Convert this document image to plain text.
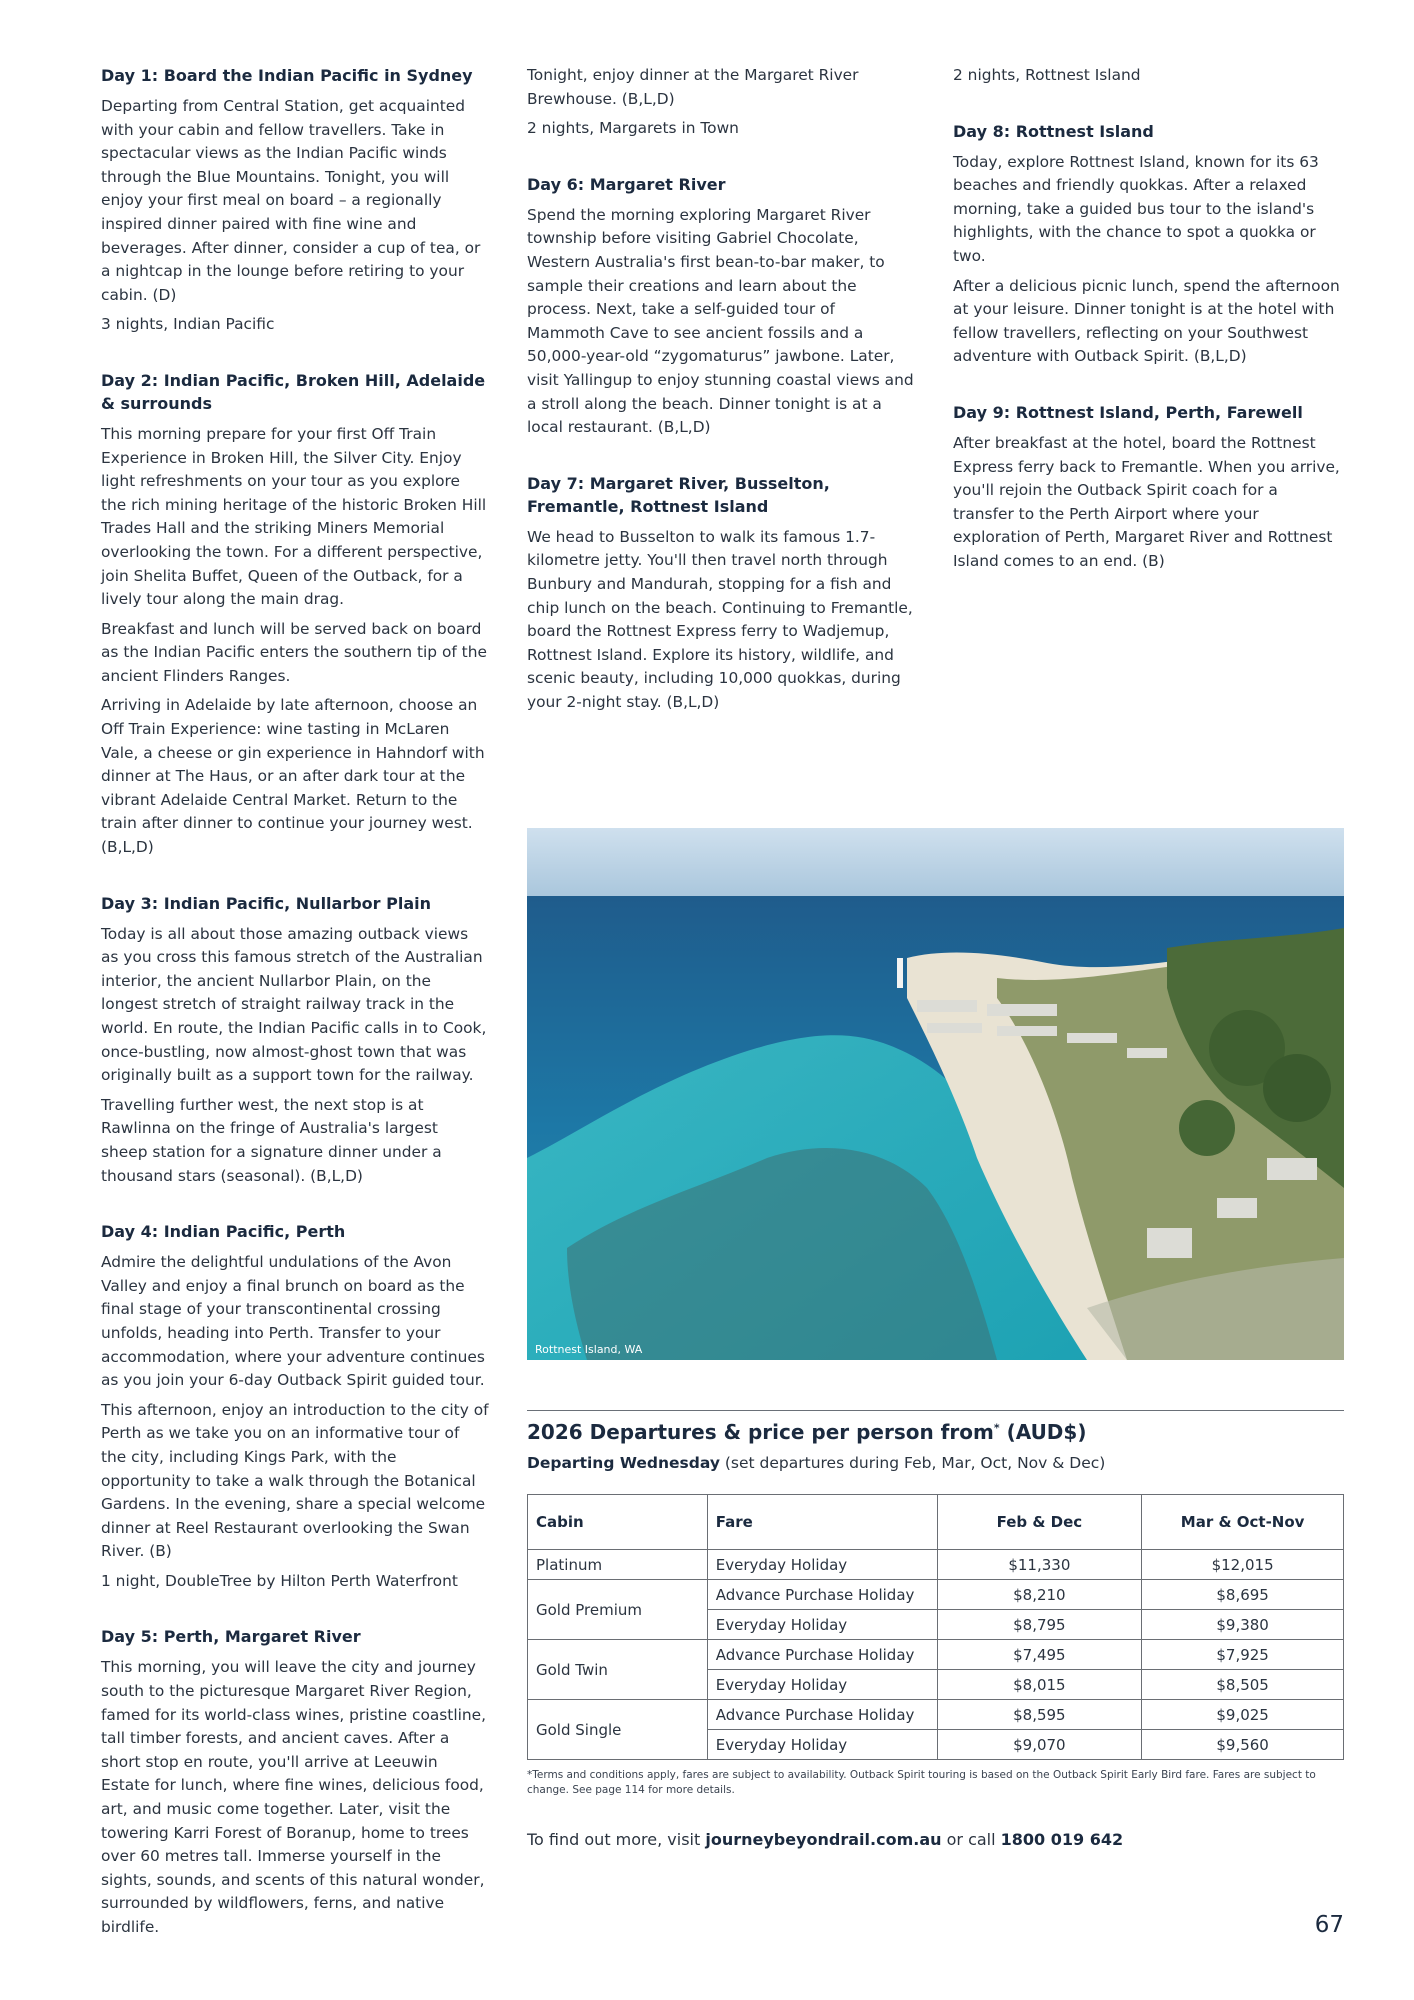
Day 1: Board the Indian Pacific in Sydney

Departing from Central Station, get acquainted with your cabin and fellow travellers. Take in spectacular views as the Indian Pacific winds through the Blue Mountains. Tonight, you will enjoy your first meal on board – a regionally inspired dinner paired with fine wine and beverages. After dinner, consider a cup of tea, or a nightcap in the lounge before retiring to your cabin. (D)

3 nights, Indian Pacific

Day 2: Indian Pacific, Broken Hill, Adelaide & surrounds

This morning prepare for your first Off Train Experience in Broken Hill, the Silver City. Enjoy light refreshments on your tour as you explore the rich mining heritage of the historic Broken Hill Trades Hall and the striking Miners Memorial overlooking the town. For a different perspective, join Shelita Buffet, Queen of the Outback, for a lively tour along the main drag.

Breakfast and lunch will be served back on board as the Indian Pacific enters the southern tip of the ancient Flinders Ranges.

Arriving in Adelaide by late afternoon, choose an Off Train Experience: wine tasting in McLaren Vale, a cheese or gin experience in Hahndorf with dinner at The Haus, or an after dark tour at the vibrant Adelaide Central Market. Return to the train after dinner to continue your journey west. (B,L,D)

Day 3: Indian Pacific, Nullarbor Plain

Today is all about those amazing outback views as you cross this famous stretch of the Australian interior, the ancient Nullarbor Plain, on the longest stretch of straight railway track in the world. En route, the Indian Pacific calls in to Cook, once-bustling, now almost-ghost town that was originally built as a support town for the railway.

Travelling further west, the next stop is at Rawlinna on the fringe of Australia's largest sheep station for a signature dinner under a thousand stars (seasonal). (B,L,D)

Day 4: Indian Pacific, Perth

Admire the delightful undulations of the Avon Valley and enjoy a final brunch on board as the final stage of your transcontinental crossing unfolds, heading into Perth. Transfer to your accommodation, where your adventure continues as you join your 6-day Outback Spirit guided tour.

This afternoon, enjoy an introduction to the city of Perth as we take you on an informative tour of the city, including Kings Park, with the opportunity to take a walk through the Botanical Gardens. In the evening, share a special welcome dinner at Reel Restaurant overlooking the Swan River. (B)

1 night, DoubleTree by Hilton Perth Waterfront

Day 5: Perth, Margaret River

This morning, you will leave the city and journey south to the picturesque Margaret River Region, famed for its world-class wines, pristine coastline, tall timber forests, and ancient caves. After a short stop en route, you'll arrive at Leeuwin Estate for lunch, where fine wines, delicious food, art, and music come together. Later, visit the towering Karri Forest of Boranup, home to trees over 60 metres tall. Immerse yourself in the sights, sounds, and scents of this natural wonder, surrounded by wildflowers, ferns, and native birdlife.

Tonight, enjoy dinner at the Margaret River Brewhouse. (B,L,D)

2 nights, Margarets in Town

Day 6: Margaret River

Spend the morning exploring Margaret River township before visiting Gabriel Chocolate, Western Australia's first bean-to-bar maker, to sample their creations and learn about the process. Next, take a self-guided tour of Mammoth Cave to see ancient fossils and a 50,000-year-old “zygomaturus” jawbone. Later, visit Yallingup to enjoy stunning coastal views and a stroll along the beach. Dinner tonight is at a local restaurant. (B,L,D)

Day 7: Margaret River, Busselton, Fremantle, Rottnest Island

We head to Busselton to walk its famous 1.7-kilometre jetty. You'll then travel north through Bunbury and Mandurah, stopping for a fish and chip lunch on the beach. Continuing to Fremantle, board the Rottnest Express ferry to Wadjemup, Rottnest Island. Explore its history, wildlife, and scenic beauty, including 10,000 quokkas, during your 2-night stay. (B,L,D)

2 nights, Rottnest Island

Day 8: Rottnest Island

Today, explore Rottnest Island, known for its 63 beaches and friendly quokkas. After a relaxed morning, take a guided bus tour to the island's highlights, with the chance to spot a quokka or two.

After a delicious picnic lunch, spend the afternoon at your leisure. Dinner tonight is at the hotel with fellow travellers, reflecting on your Southwest adventure with Outback Spirit. (B,L,D)

Day 9: Rottnest Island, Perth, Farewell

After breakfast at the hotel, board the Rottnest Express ferry back to Fremantle. When you arrive, you'll rejoin the Outback Spirit coach for a transfer to the Perth Airport where your exploration of Perth, Margaret River and Rottnest Island comes to an end. (B)

Rottnest Island, WA
2026 Departures & price per person from* (AUD$)
Departing Wednesday (set departures during Feb, Mar, Oct, Nov & Dec)
Cabin	Fare	Feb & Dec	Mar & Oct-Nov
Platinum	Everyday Holiday	$11,330	$12,015
Gold Premium	Advance Purchase Holiday	$8,210	$8,695
	Everyday Holiday	$8,795	$9,380
Gold Twin	Advance Purchase Holiday	$7,495	$7,925
	Everyday Holiday	$8,015	$8,505
Gold Single	Advance Purchase Holiday	$8,595	$9,025
	Everyday Holiday	$9,070	$9,560
*Terms and conditions apply, fares are subject to availability. Outback Spirit touring is based on the Outback Spirit Early Bird fare. Fares are subject to change. See page 114 for more details.
To find out more, visit journeybeyondrail.com.au or call 1800 019 642
67
